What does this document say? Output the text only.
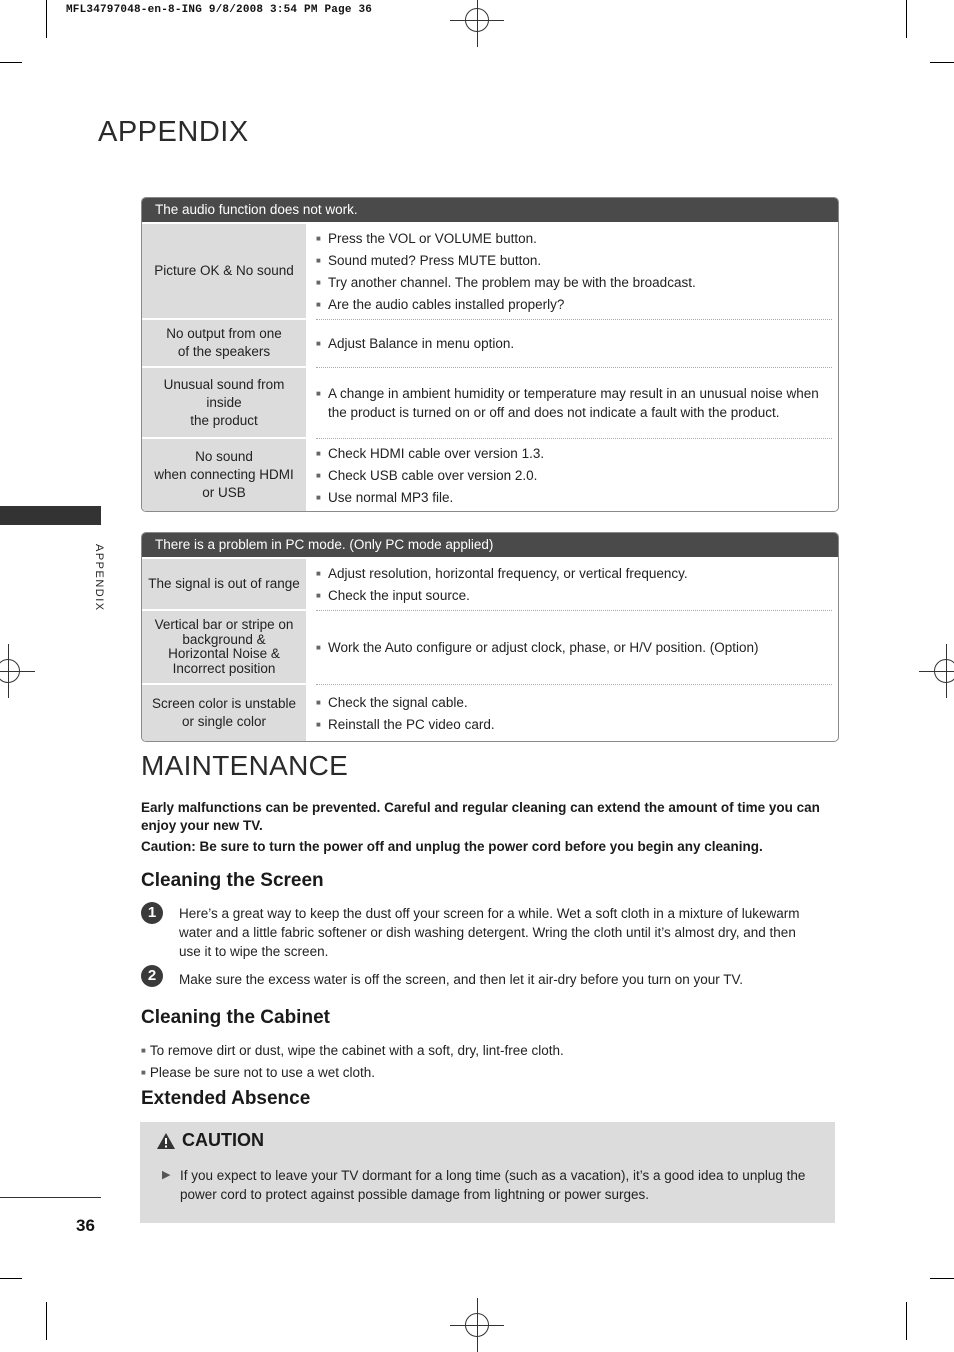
MFL34797048-en-8-ING 9/8/2008 3:54 PM Page 36
APPENDIX
APPENDIX
The audio function does not work.
Picture OK & No sound
■ Press the VOL or VOLUME button.
■ Sound muted? Press MUTE button.
■ Try another channel. The problem may be with the broadcast.
■ Are the audio cables installed properly?
No output from one
of the speakers
■ Adjust Balance in menu option.
Unusual sound from
inside
the product
■ A change in ambient humidity or temperature may result in an unusual noise when the product is turned on or off and does not indicate a fault with the product.
No sound
when connecting HDMI
or USB
■ Check HDMI cable over version 1.3.
■ Check USB cable over version 2.0.
■ Use normal MP3 file.
There is a problem in PC mode. (Only PC mode applied)
The signal is out of range
■ Adjust resolution, horizontal frequency, or vertical frequency.
■ Check the input source.
Vertical bar or stripe on
background &
Horizontal Noise &
Incorrect position
■ Work the Auto configure or adjust clock, phase, or H/V position. (Option)
Screen color is unstable
or single color
■ Check the signal cable.
■ Reinstall the PC video card.
MAINTENANCE
Early malfunctions can be prevented. Careful and regular cleaning can extend the amount of time you can enjoy your new TV.
Caution: Be sure to turn the power off and unplug the power cord before you begin any cleaning.
Cleaning the Screen
1	Here’s a great way to keep the dust off your screen for a while. Wet a soft cloth in a mixture of lukewarm water and a little fabric softener or dish washing detergent. Wring the cloth until it’s almost dry, and then use it to wipe the screen.
2	Make sure the excess water is off the screen, and then let it air-dry before you turn on your TV.
Cleaning the Cabinet
■ To remove dirt or dust, wipe the cabinet with a soft, dry, lint-free cloth.
■ Please be sure not to use a wet cloth.
Extended Absence
CAUTION
▶ If you expect to leave your TV dormant for a long time (such as a vacation), it’s a good idea to unplug the power cord to protect against possible damage from lightning or power surges.
36
